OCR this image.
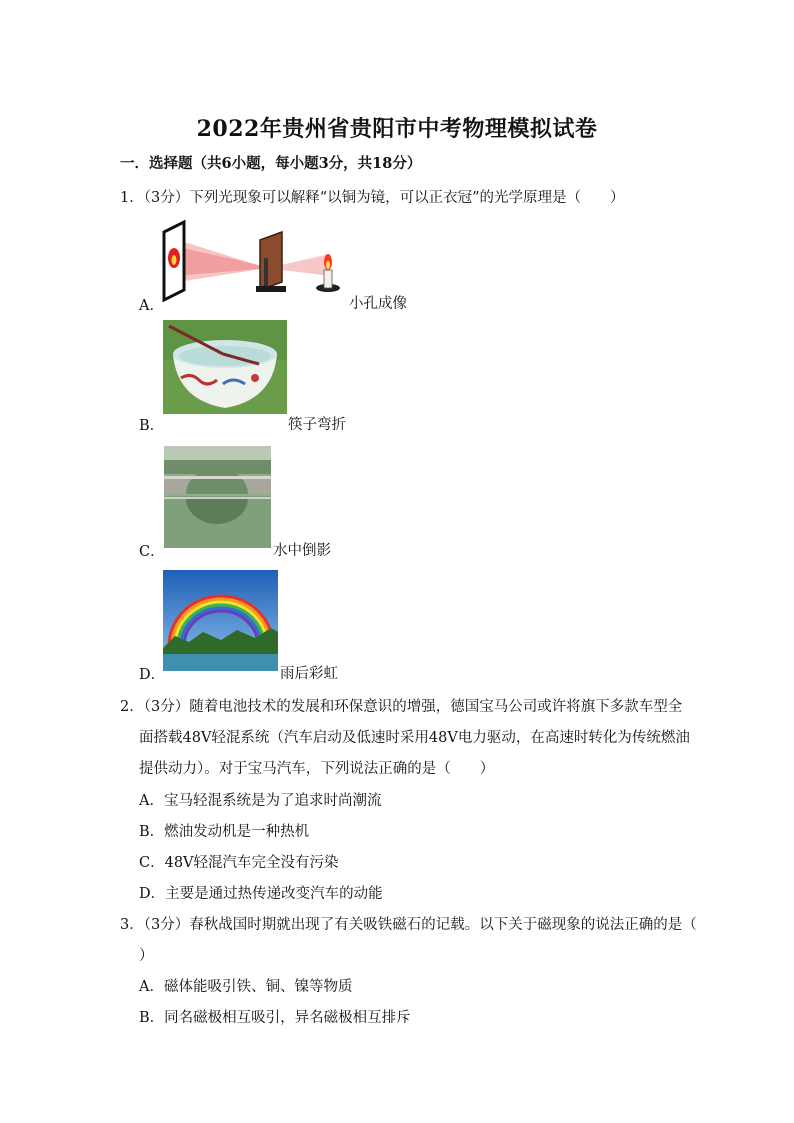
2022年贵州省贵阳市中考物理模拟试卷
一．选择题（共6小题，每小题3分，共18分）
1．（3分）下列光现象可以解释“以铜为镜，可以正衣冠”的光学原理是（　　）
A．	小孔成像
B．	筷子弯折
C．	水中倒影
D．	雨后彩虹
2．（3分）随着电池技术的发展和环保意识的增强，德国宝马公司或许将旗下多款车型全
面搭载48V轻混系统（汽车启动及低速时采用48V电力驱动，在高速时转化为传统燃油
提供动力）。对于宝马汽车，下列说法正确的是（　　）
A．宝马轻混系统是为了追求时尚潮流
B．燃油发动机是一种热机
C．48V轻混汽车完全没有污染
D．主要是通过热传递改变汽车的动能
3．（3分）春秋战国时期就出现了有关吸铁磁石的记载。以下关于磁现象的说法正确的是（
）
A．磁体能吸引铁、铜、镍等物质
B．同名磁极相互吸引，异名磁极相互排斥
